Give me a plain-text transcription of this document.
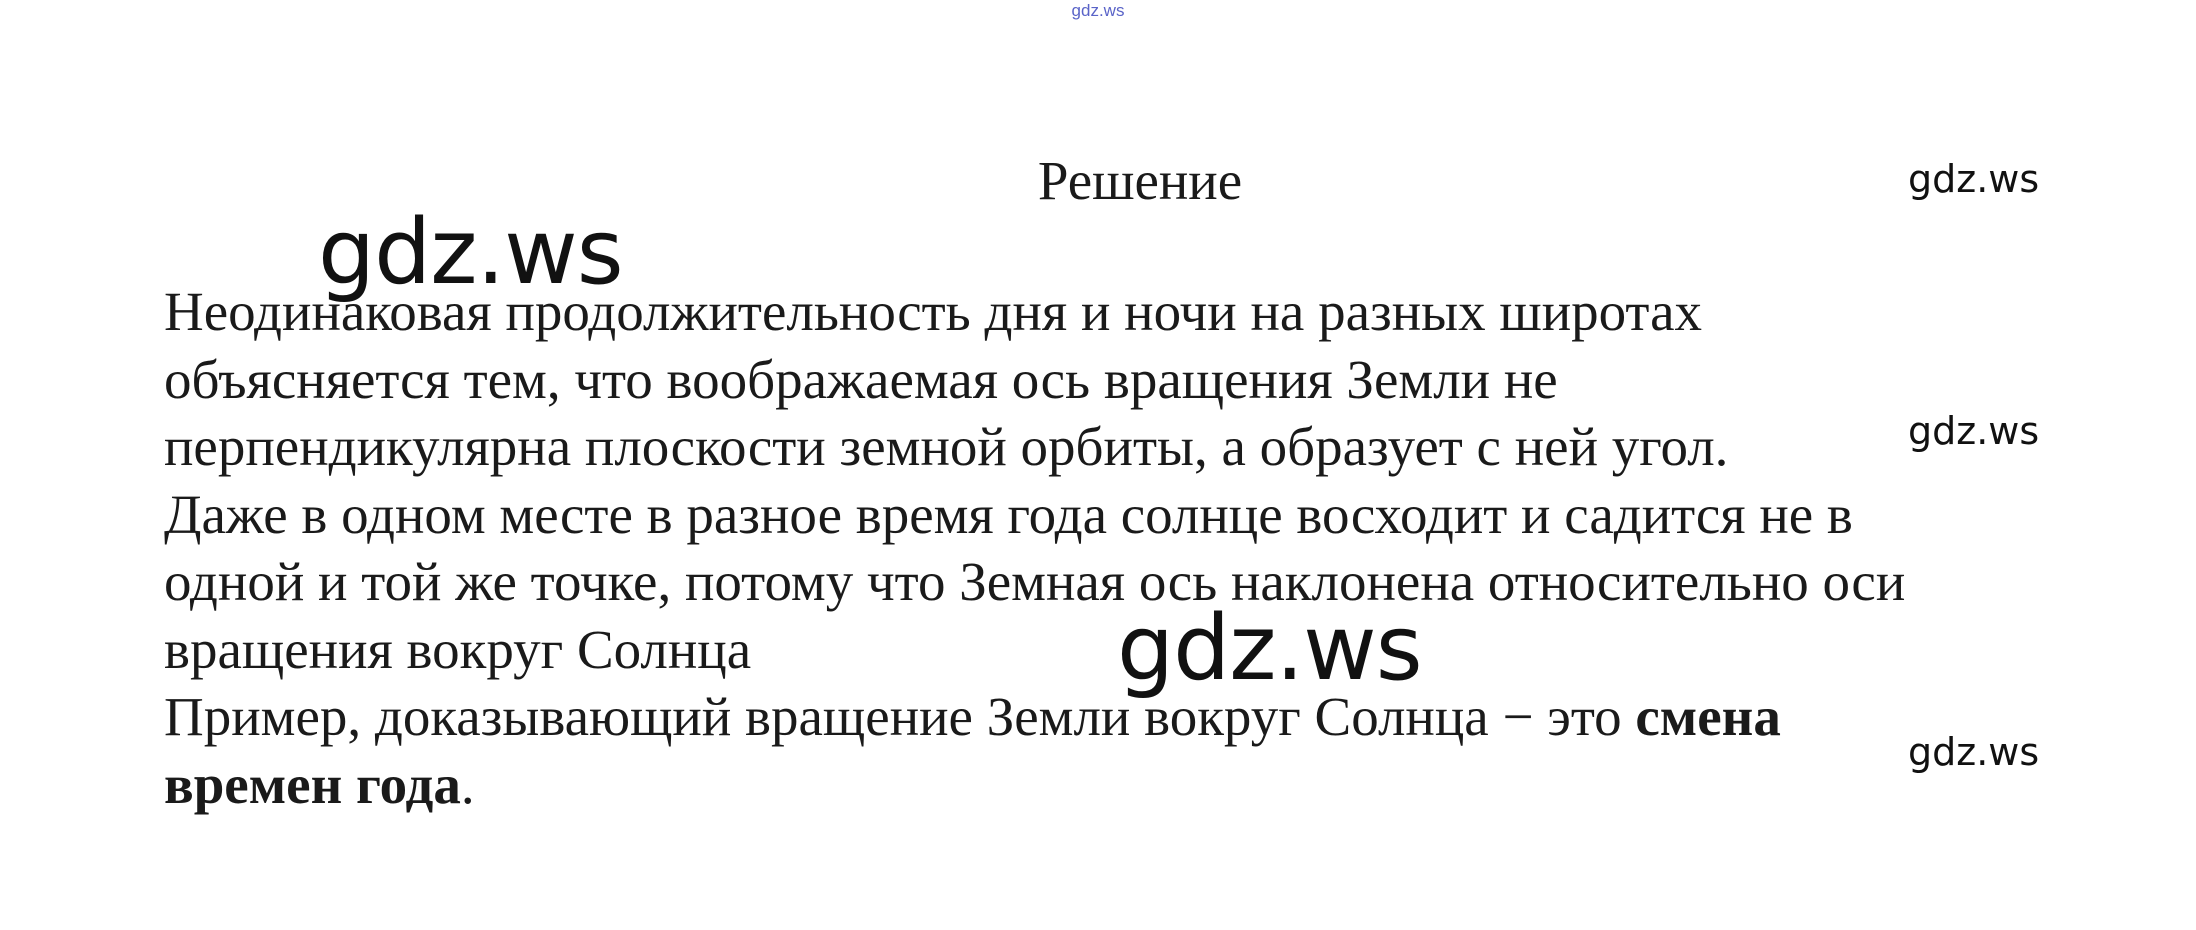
gdz.ws
Решение

Неодинаковая продолжительность дня и ночи на разных широтах
объясняется тем, что воображаемая ось вращения Земли не
перпендикулярна плоскости земной орбиты, а образует с ней угол.
Даже в одном месте в разное время года солнце восходит и садится не в
одной и той же точке, потому что Земная ось наклонена относительно оси
вращения вокруг Солнца

Пример, доказывающий вращение Земли вокруг Солнца − это смена
времен года.

gdz.ws
gdz.ws
gdz.ws
gdz.ws
gdz.ws
